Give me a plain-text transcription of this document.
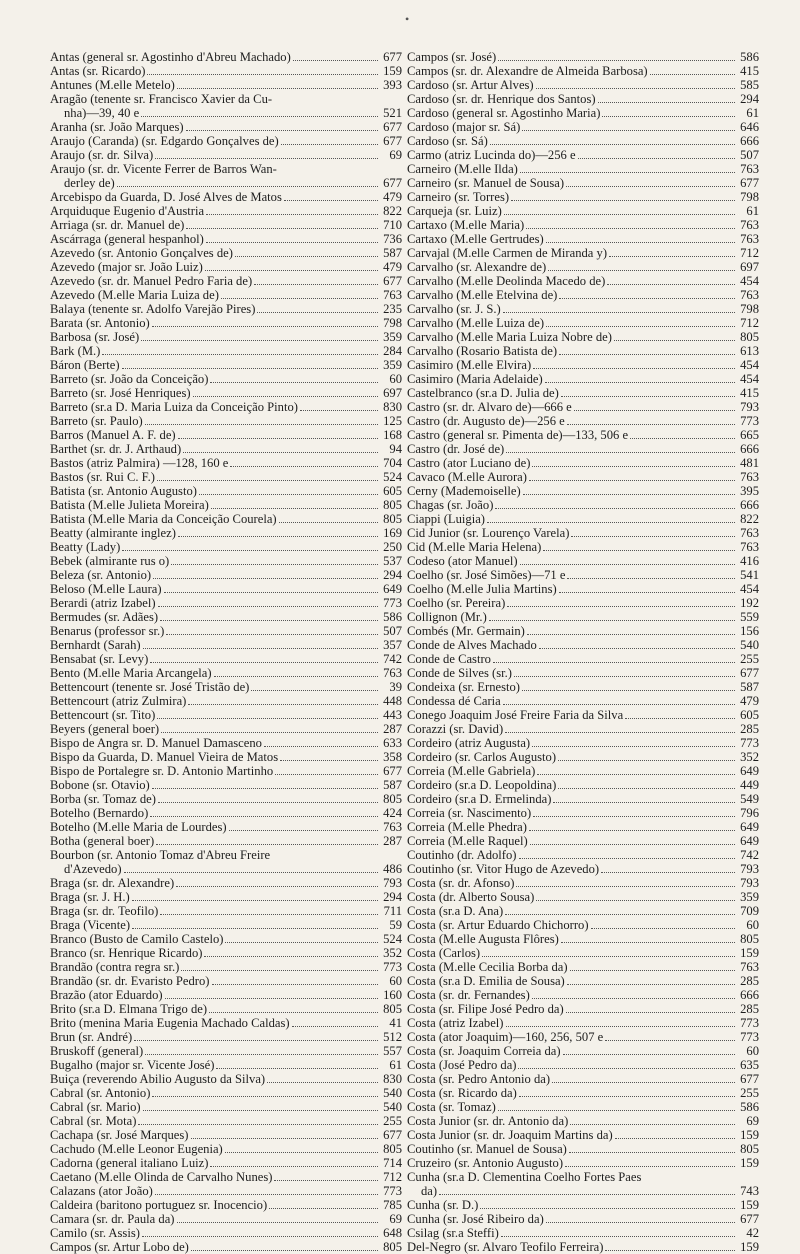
•
Antas (general sr. Agostinho d'Abreu Machado)	677
Antas (sr. Ricardo)	159
Antunes (M.elle Metelo)	393
Aragão (tenente sr. Francisco Xavier da Cu-
nha)—39, 40 e	521
Aranha (sr. João Marques)	677
Araujo (Caranda) (sr. Edgardo Gonçalves de)	677
Araujo (sr. dr. Silva)	69
Araujo (sr. dr. Vicente Ferrer de Barros Wan-
derley de)	677
Arcebispo da Guarda, D. José Alves de Matos	479
Arquiduque Eugenio d'Austria	822
Arriaga (sr. dr. Manuel de)	710
Ascárraga (general hespanhol)	736
Azevedo (sr. Antonio Gonçalves de)	587
Azevedo (major sr. João Luiz)	479
Azevedo (sr. dr. Manuel Pedro Faria de)	677
Azevedo (M.elle Maria Luiza de)	763
Balaya (tenente sr. Adolfo Varejão Pires)	235
Barata (sr. Antonio)	798
Barbosa (sr. José)	359
Bark (M.)	284
Báron (Berte)	359
Barreto (sr. João da Conceição)	60
Barreto (sr. José Henriques)	697
Barreto (sr.a D. Maria Luiza da Conceição Pinto)	830
Barreto (sr. Paulo)	125
Barros (Manuel A. F. de)	168
Barthet (sr. dr. J. Arthaud)	94
Bastos (atriz Palmira) —128, 160 e	704
Bastos (sr. Rui C. F.)	524
Batista (sr. Antonio Augusto)	605
Batista (M.elle Julieta Moreira)	805
Batista (M.elle Maria da Conceição Courela)	805
Beatty (almirante inglez)	169
Beatty (Lady)	250
Bebek (almirante rus o)	537
Beleza (sr. Antonio)	294
Beloso (M.elle Laura)	649
Berardi (atriz Izabel)	773
Bermudes (sr. Adães)	586
Benarus (professor sr.)	507
Bernhardt (Sarah)	357
Bensabat (sr. Levy)	742
Bento (M.elle Maria Arcangela)	763
Bettencourt (tenente sr. José Tristão de)	39
Bettencourt (atriz Zulmira)	448
Bettencourt (sr. Tito)	443
Beyers (general boer)	287
Bispo de Angra sr. D. Manuel Damasceno	633
Bispo da Guarda, D. Manuel Vieira de Matos	358
Bispo de Portalegre sr. D. Antonio Martinho	677
Bobone (sr. Otavio)	587
Borba (sr. Tomaz de)	805
Botelho (Bernardo)	424
Botelho (M.elle Maria de Lourdes)	763
Botha (general boer)	287
Bourbon (sr. Antonio Tomaz d'Abreu Freire
d'Azevedo)	486
Braga (sr. dr. Alexandre)	793
Braga (sr. J. H.)	294
Braga (sr. dr. Teofilo)	711
Braga (Vicente)	59
Branco (Busto de Camilo Castelo)	524
Branco (sr. Henrique Ricardo)	352
Brandão (contra regra sr.)	773
Brandão (sr. dr. Evaristo Pedro)	60
Brazão (ator Eduardo)	160
Brito (sr.a D. Elmana Trigo de)	805
Brito (menina Maria Eugenia Machado Caldas)	41
Brun (sr. André)	512
Bruskoff (general)	557
Bugalho (major sr. Vicente José)	61
Buiça (reverendo Abilio Augusto da Silva)	830
Cabral (sr. Antonio)	540
Cabral (sr. Mario)	540
Cabral (sr. Mota)	255
Cachapa (sr. José Marques)	677
Cachudo (M.elle Leonor Eugenia)	805
Cadorna (general italiano Luiz)	714
Caetano (M.elle Olinda de Carvalho Nunes)	712
Calazans (ator João)	773
Caldeira (baritono portuguez sr. Inocencio)	785
Camara (sr. dr. Paula da)	69
Camilo (sr. Assis)	648
Campos (sr. Artur Lobo de)	805
Campos (sr. José)	586
Campos (sr. dr. Alexandre de Almeida Barbosa)	415
Cardoso (sr. Artur Alves)	585
Cardoso (sr. dr. Henrique dos Santos)	294
Cardoso (general sr. Agostinho Maria)	61
Cardoso (major sr. Sá)	646
Cardoso (sr. Sá)	666
Carmo (atriz Lucinda do)—256 e	507
Carneiro (M.elle Ilda)	763
Carneiro (sr. Manuel de Sousa)	677
Carneiro (sr. Torres)	798
Carqueja (sr. Luiz)	61
Cartaxo (M.elle Maria)	763
Cartaxo (M.elle Gertrudes)	763
Carvajal (M.elle Carmen de Miranda y)	712
Carvalho (sr. Alexandre de)	697
Carvalho (M.elle Deolinda Macedo de)	454
Carvalho (M.elle Etelvina de)	763
Carvalho (sr. J. S.)	798
Carvalho (M.elle Luiza de)	712
Carvalho (M.elle Maria Luiza Nobre de)	805
Carvalho (Rosario Batista de)	613
Casimiro (M.elle Elvira)	454
Casimiro (Maria Adelaide)	454
Castelbranco (sr.a D. Julia de)	415
Castro (sr. dr. Alvaro de)—666 e	793
Castro (dr. Augusto de)—256 e	773
Castro (general sr. Pimenta de)—133, 506 e	665
Castro (dr. José de)	666
Castro (ator Luciano de)	481
Cavaco (M.elle Aurora)	763
Cerny (Mademoiselle)	395
Chagas (sr. João)	666
Ciappi (Luigia)	822
Cid Junior (sr. Lourenço Varela)	763
Cid (M.elle Maria Helena)	763
Codeso (ator Manuel)	416
Coelho (sr. José Simões)—71 e	541
Coelho (M.elle Julia Martins)	454
Coelho (sr. Pereira)	192
Collignon (Mr.)	559
Combés (Mr. Germain)	156
Conde de Alves Machado	540
Conde de Castro	255
Conde de Silves (sr.)	677
Condeixa (sr. Ernesto)	587
Condessa dé Caria	479
Conego Joaquim José Freire Faria da Silva	605
Corazzi (sr. David)	285
Cordeiro (atriz Augusta)	773
Cordeiro (sr. Carlos Augusto)	352
Correia (M.elle Gabriela)	649
Cordeiro (sr.a D. Leopoldina)	449
Cordeiro (sr.a D. Ermelinda)	549
Correia (sr. Nascimento)	796
Correia (M.elle Phedra)	649
Correia (M.elle Raquel)	649
Coutinho (dr. Adolfo)	742
Coutinho (sr. Vitor Hugo de Azevedo)	793
Costa (sr. dr. Afonso)	793
Costa (dr. Alberto Sousa)	359
Costa (sr.a D. Ana)	709
Costa (sr. Artur Eduardo Chichorro)	60
Costa (M.elle Augusta Flôres)	805
Costa (Carlos)	159
Costa (M.elle Cecilia Borba da)	763
Costa (sr.a D. Emilia de Sousa)	285
Costa (sr. dr. Fernandes)	666
Costa (sr. Filipe José Pedro da)	285
Costa (atriz Izabel)	773
Costa (ator Joaquim)—160, 256, 507 e	773
Costa (sr. Joaquim Correia da)	60
Costa (José Pedro da)	635
Costa (sr. Pedro Antonio da)	677
Costa (sr. Ricardo da)	255
Costa (sr. Tomaz)	586
Costa Junior (sr. dr. Antonio da)	69
Costa Junior (sr. dr. Joaquim Martins da)	159
Coutinho (sr. Manuel de Sousa)	805
Cruzeiro (sr. Antonio Augusto)	159
Cunha (sr.a D. Clementina Coelho Fortes Paes
da)	743
Cunha (sr. D.)	159
Cunha (sr. José Ribeiro da)	677
Csilag (sr.a Steffi)	42
Del-Negro (sr. Alvaro Teofilo Ferreira)	159
